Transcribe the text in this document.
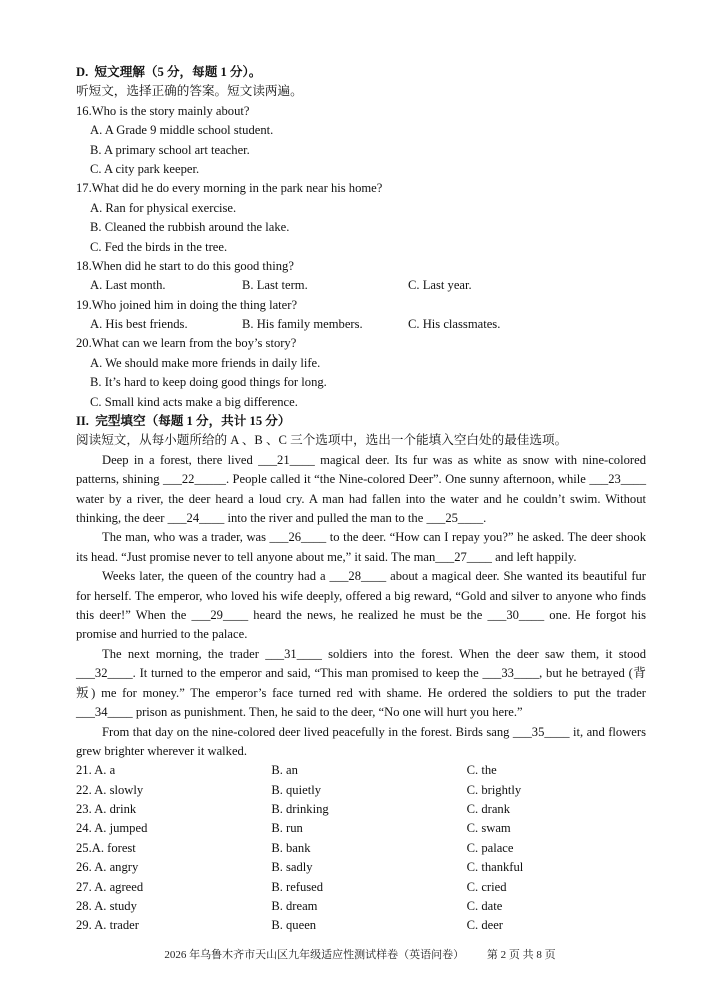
D.  短文理解（5 分，每题 1 分）。
听短文，选择正确的答案。短文读两遍。
16.Who is the story mainly about?
A. A Grade 9 middle school student.
B. A primary school art teacher.
C. A city park keeper.
17.What did he do every morning in the park near his home?
A. Ran for physical exercise.
B. Cleaned the rubbish around the lake.
C. Fed the birds in the tree.
18.When did he start to do this good thing?
A. Last month.	B. Last term.	C. Last year.
19.Who joined him in doing the thing later?
A. His best friends.	B. His family members.	C. His classmates.
20.What can we learn from the boy’s story?
A. We should make more friends in daily life.
B. It’s hard to keep doing good things for long.
C. Small kind acts make a big difference.
II.  完型填空（每题 1 分，共计 15 分）
阅读短文，从每小题所给的 A 、B 、C 三个选项中，选出一个能填入空白处的最佳选项。

Deep in a forest, there lived ___21____ magical deer. Its fur was as white as snow with nine-colored patterns, shining ___22_____. People called it “the Nine-colored Deer”. One sunny afternoon, while ___23____ water by a river, the deer heard a loud cry. A man had fallen into the water and he couldn’t swim. Without thinking, the deer ___24____ into the river and pulled the man to the ___25____.

The man, who was a trader, was ___26____ to the deer. “How can I repay you?” he asked. The deer shook its head. “Just promise never to tell anyone about me,” it said. The man___27____ and left happily.

Weeks later, the queen of the country had a ___28____ about a magical deer. She wanted its beautiful fur for herself. The emperor, who loved his wife deeply, offered a big reward, “Gold and silver to anyone who finds this deer!” When the ___29____ heard the news, he realized he must be the ___30____ one. He forgot his promise and hurried to the palace.

The next morning, the trader ___31____ soldiers into the forest. When the deer saw them, it stood ___32____. It turned to the emperor and said, “This man promised to keep the ___33____, but he betrayed (背叛) me for money.” The emperor’s face turned red with shame. He ordered the soldiers to put the trader ___34____ prison as punishment. Then, he said to the deer, “No one will hurt you here.”

From that day on the nine-colored deer lived peacefully in the forest. Birds sang ___35____ it, and flowers grew brighter wherever it walked.

21. A. a	B. an	C. the
22. A. slowly	B. quietly	C. brightly
23. A. drink	B. drinking	C. drank
24. A. jumped	B. run	C. swam
25.A. forest	B. bank	C. palace
26. A. angry	B. sadly	C. thankful
27. A. agreed	B. refused	C. cried
28. A. study	B. dream	C. date
29. A. trader	B. queen	C. deer
2026 年乌鲁木齐市天山区九年级适应性测试样卷（英语问卷） 第 2 页 共 8 页
